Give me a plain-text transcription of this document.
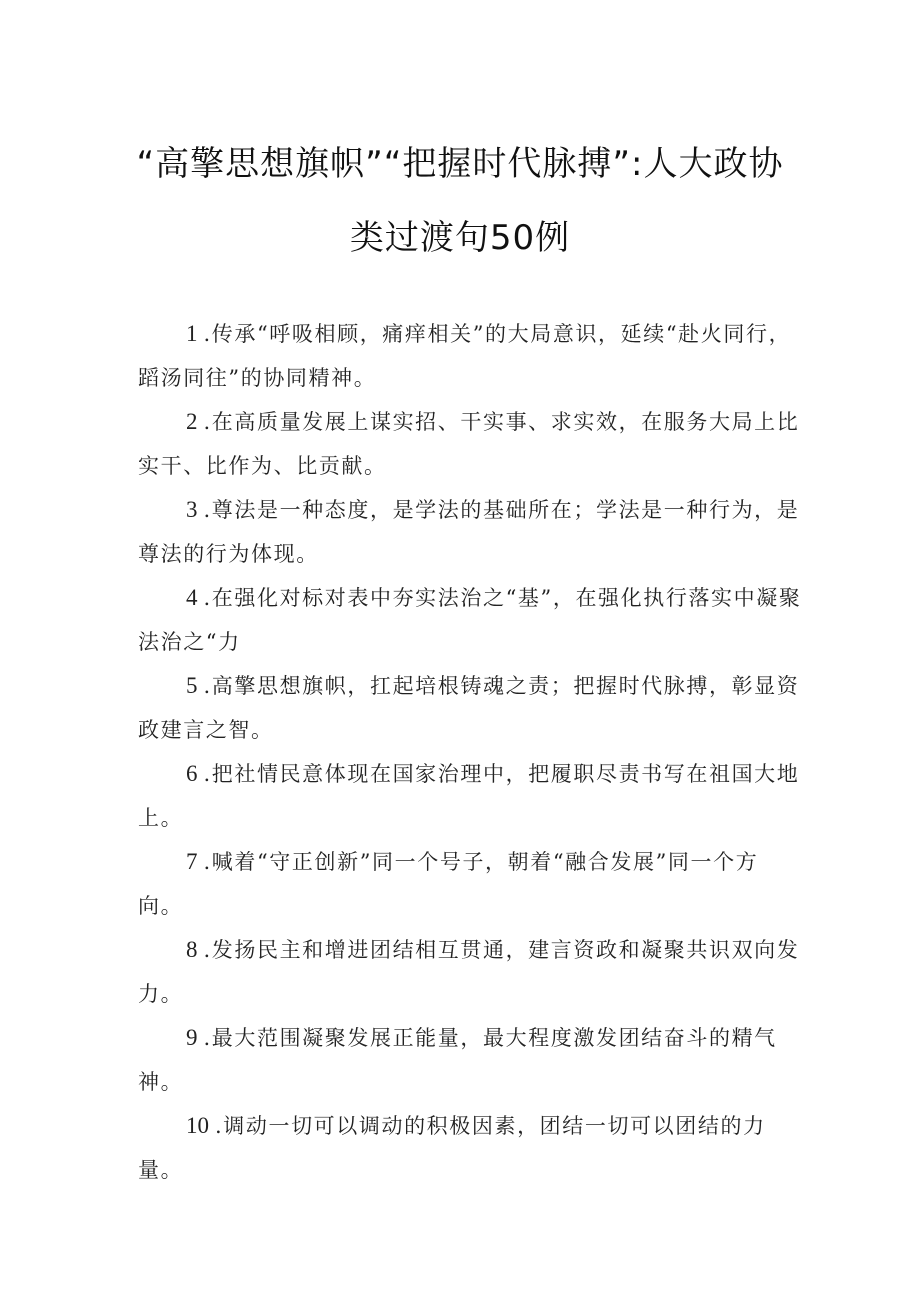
“高擎思想旗帜”“把握时代脉搏”:人大政协
类过渡句50例

1 .传承“呼吸相顾，痛痒相关”的大局意识，延续“赴火同行，蹈汤同往”的协同精神。

2 .在高质量发展上谋实招、干实事、求实效，在服务大局上比实干、比作为、比贡献。

3 .尊法是一种态度，是学法的基础所在；学法是一种行为，是尊法的行为体现。

4 .在强化对标对表中夯实法治之“基”，在强化执行落实中凝聚法治之“力

5 .高擎思想旗帜，扛起培根铸魂之责；把握时代脉搏，彰显资政建言之智。

6 .把社情民意体现在国家治理中，把履职尽责书写在祖国大地上。

7 .喊着“守正创新”同一个号子，朝着“融合发展”同一个方向。

8 .发扬民主和增进团结相互贯通，建言资政和凝聚共识双向发力。

9 .最大范围凝聚发展正能量，最大程度激发团结奋斗的精气神。

10 .调动一切可以调动的积极因素，团结一切可以团结的力量。
